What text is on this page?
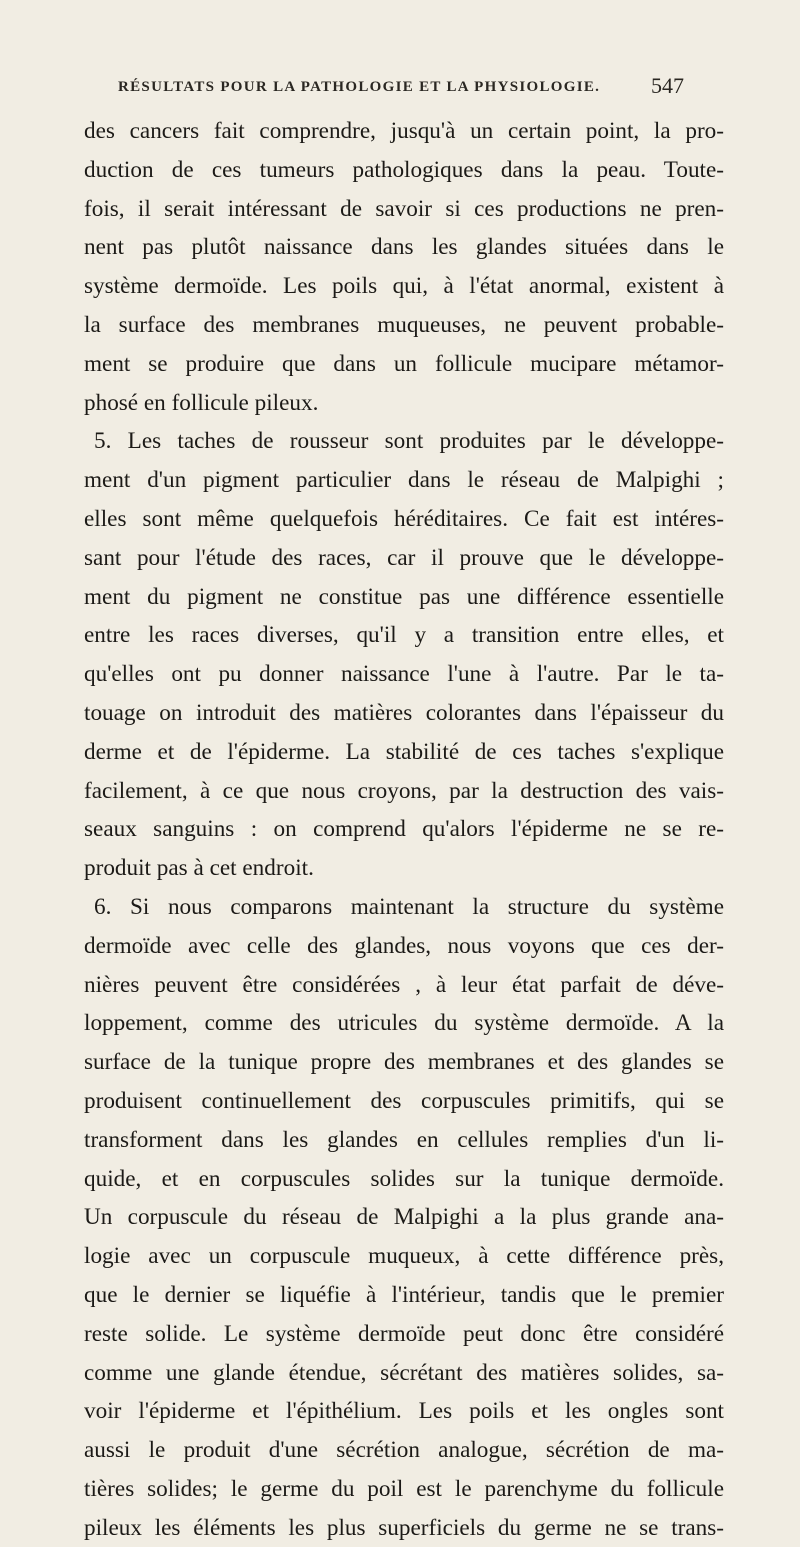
RÉSULTATS POUR LA PATHOLOGIE ET LA PHYSIOLOGIE. 547
des cancers fait comprendre, jusqu'à un certain point, la pro-
duction de ces tumeurs pathologiques dans la peau. Toute-
fois, il serait intéressant de savoir si ces productions ne pren-
nent pas plutôt naissance dans les glandes situées dans le
système dermoïde. Les poils qui, à l'état anormal, existent à
la surface des membranes muqueuses, ne peuvent probable-
ment se produire que dans un follicule mucipare métamor-
phosé en follicule pileux.
5. Les taches de rousseur sont produites par le développe-
ment d'un pigment particulier dans le réseau de Malpighi ;
elles sont même quelquefois héréditaires. Ce fait est intéres-
sant pour l'étude des races, car il prouve que le développe-
ment du pigment ne constitue pas une différence essentielle
entre les races diverses, qu'il y a transition entre elles, et
qu'elles ont pu donner naissance l'une à l'autre. Par le ta-
touage on introduit des matières colorantes dans l'épaisseur du
derme et de l'épiderme. La stabilité de ces taches s'explique
facilement, à ce que nous croyons, par la destruction des vais-
seaux sanguins : on comprend qu'alors l'épiderme ne se re-
produit pas à cet endroit.
6. Si nous comparons maintenant la structure du système
dermoïde avec celle des glandes, nous voyons que ces der-
nières peuvent être considérées , à leur état parfait de déve-
loppement, comme des utricules du système dermoïde. A la
surface de la tunique propre des membranes et des glandes se
produisent continuellement des corpuscules primitifs, qui se
transforment dans les glandes en cellules remplies d'un li-
quide, et en corpuscules solides sur la tunique dermoïde.
Un corpuscule du réseau de Malpighi a la plus grande ana-
logie avec un corpuscule muqueux, à cette différence près,
que le dernier se liquéfie à l'intérieur, tandis que le premier
reste solide. Le système dermoïde peut donc être considéré
comme une glande étendue, sécrétant des matières solides, sa-
voir l'épiderme et l'épithélium. Les poils et les ongles sont
aussi le produit d'une sécrétion analogue, sécrétion de ma-
tières solides; le germe du poil est le parenchyme du follicule
pileux les éléments les plus superficiels du germe ne se trans-
